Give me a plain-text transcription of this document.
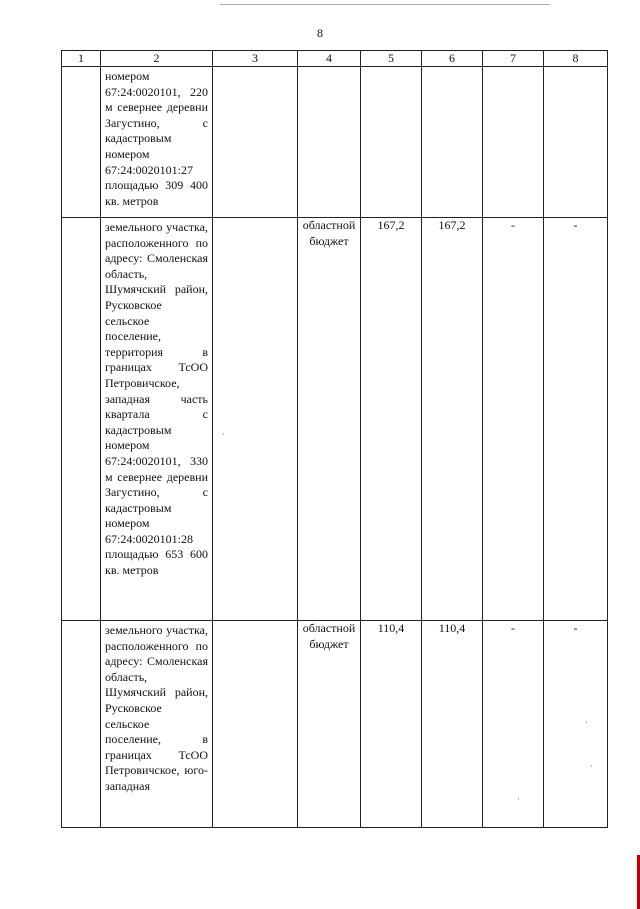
8
1	2	3	4	5	6	7	8

	номером 67:24:0020101, 220 м севернее деревни Загустино, с кадастровым номером 67:24:0020101:27 площадью 309 400 кв. метров						

	земельного участка, расположенного по адресу: Смоленская область, Шумячский район, Русковское сельское поселение, территория в границах ТсОО Петровичское, западная часть квартала с кадастровым номером 67:24:0020101, 330 м севернее деревни Загустино, с кадастровым номером 67:24:0020101:28 площадью 653 600 кв. метров		областной бюджет	167,2	167,2	-	-

	земельного участка, расположенного по адресу: Смоленская область, Шумячский район, Русковское сельское поселение, в границах ТсОО Петровичское, юго-западная		областной бюджет	110,4	110,4	-	-
·
·
·
·
